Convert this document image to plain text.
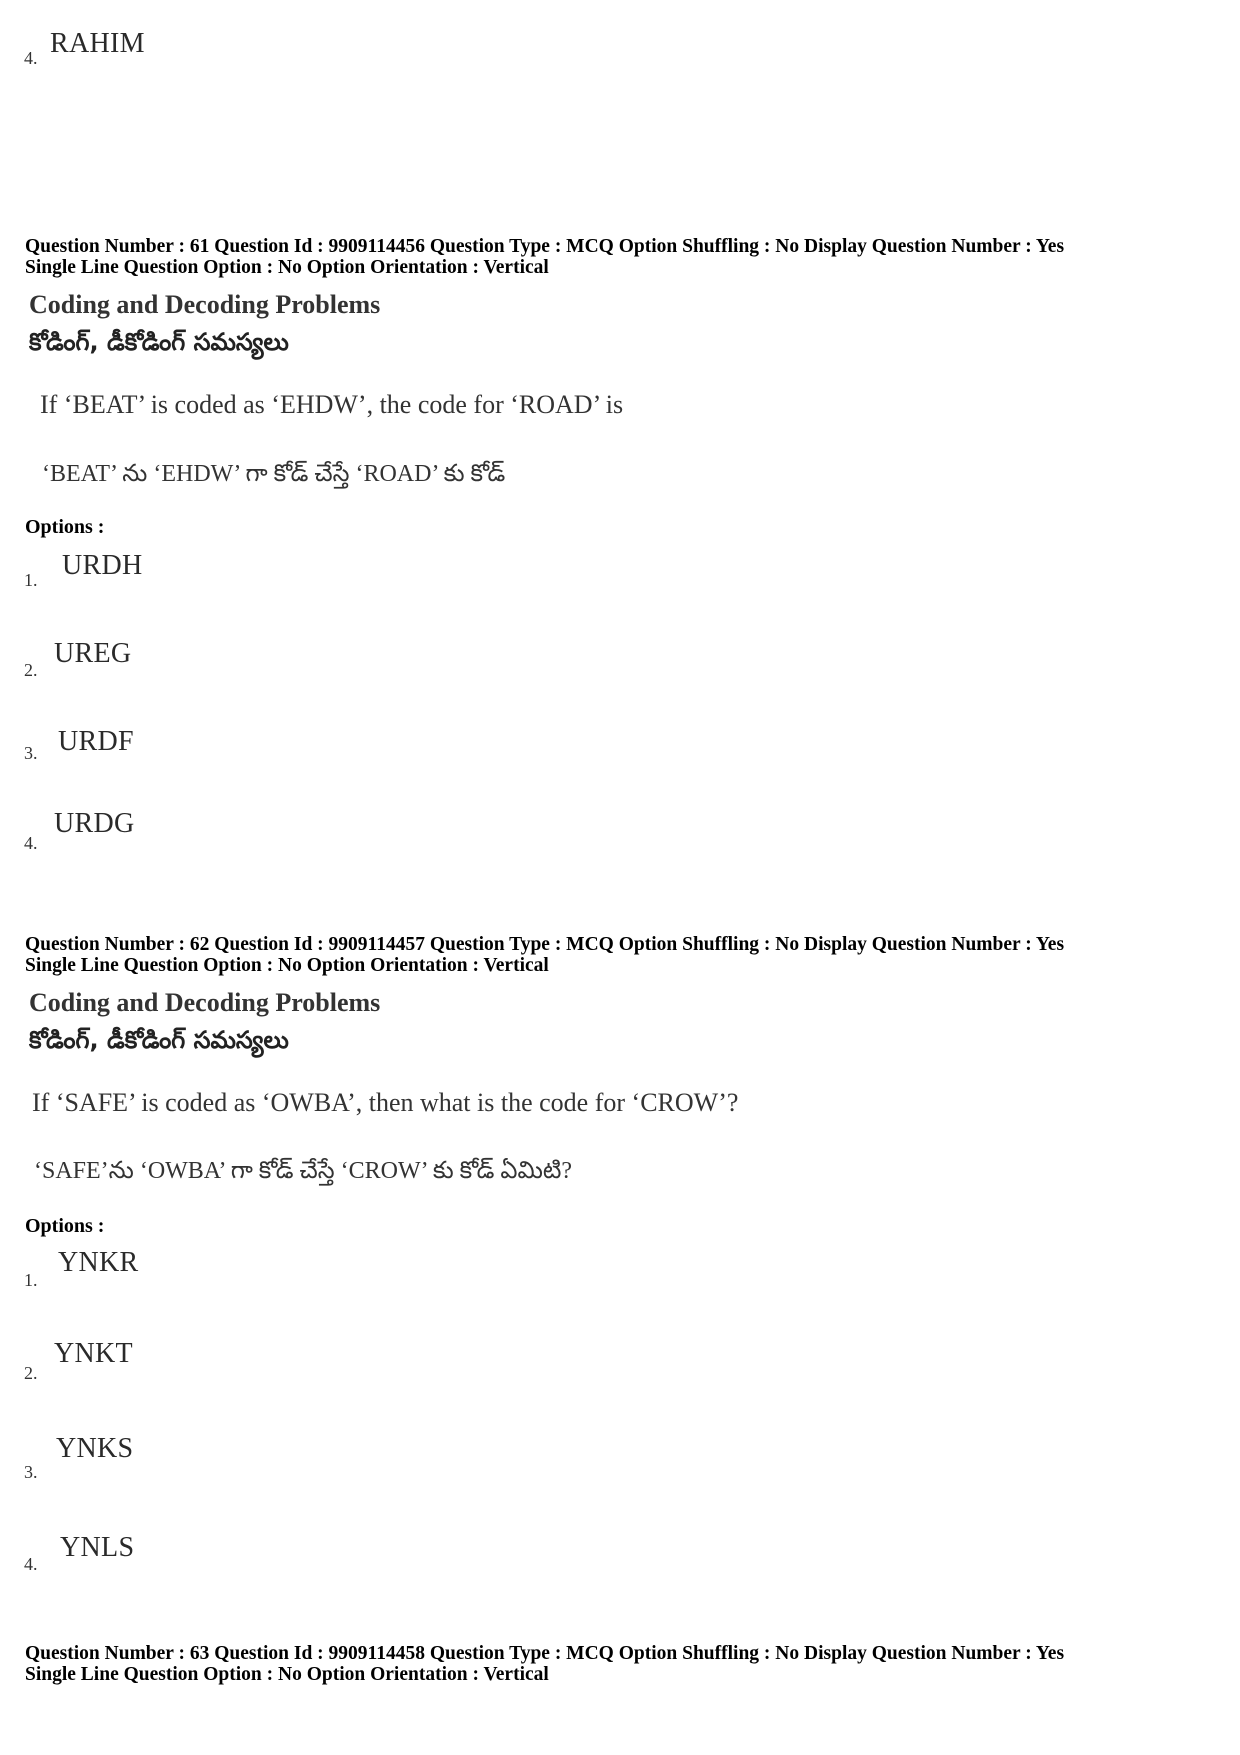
4. RAHIM
Question Number : 61 Question Id : 9909114456 Question Type : MCQ Option Shuffling : No Display Question Number : Yes
Single Line Question Option : No Option Orientation : Vertical
Coding and Decoding Problems
కోడింగ్, డీకోడింగ్ సమస్యలు
If ‘BEAT’ is coded as ‘EHDW’, the code for ‘ROAD’ is
‘BEAT’ ను ‘EHDW’ గా కోడ్ చేస్తే ‘ROAD’ కు కోడ్
Options :
1. URDH
2.
UREG
3. URDF
4.
URDG
Question Number : 62 Question Id : 9909114457 Question Type : MCQ Option Shuffling : No Display Question Number : Yes
Single Line Question Option : No Option Orientation : Vertical
Coding and Decoding Problems
కోడింగ్, డీకోడింగ్ సమస్యలు
If ‘SAFE’ is coded as ‘OWBA’, then what is the code for ‘CROW’?
‘SAFE’ను ‘OWBA’ గా కోడ్ చేస్తే ‘CROW’ కు కోడ్ ఏమిటి?
Options :
1.
YNKR
2.
YNKT
3.
YNKS
4.
YNLS
Question Number : 63 Question Id : 9909114458 Question Type : MCQ Option Shuffling : No Display Question Number : Yes
Single Line Question Option : No Option Orientation : Vertical
